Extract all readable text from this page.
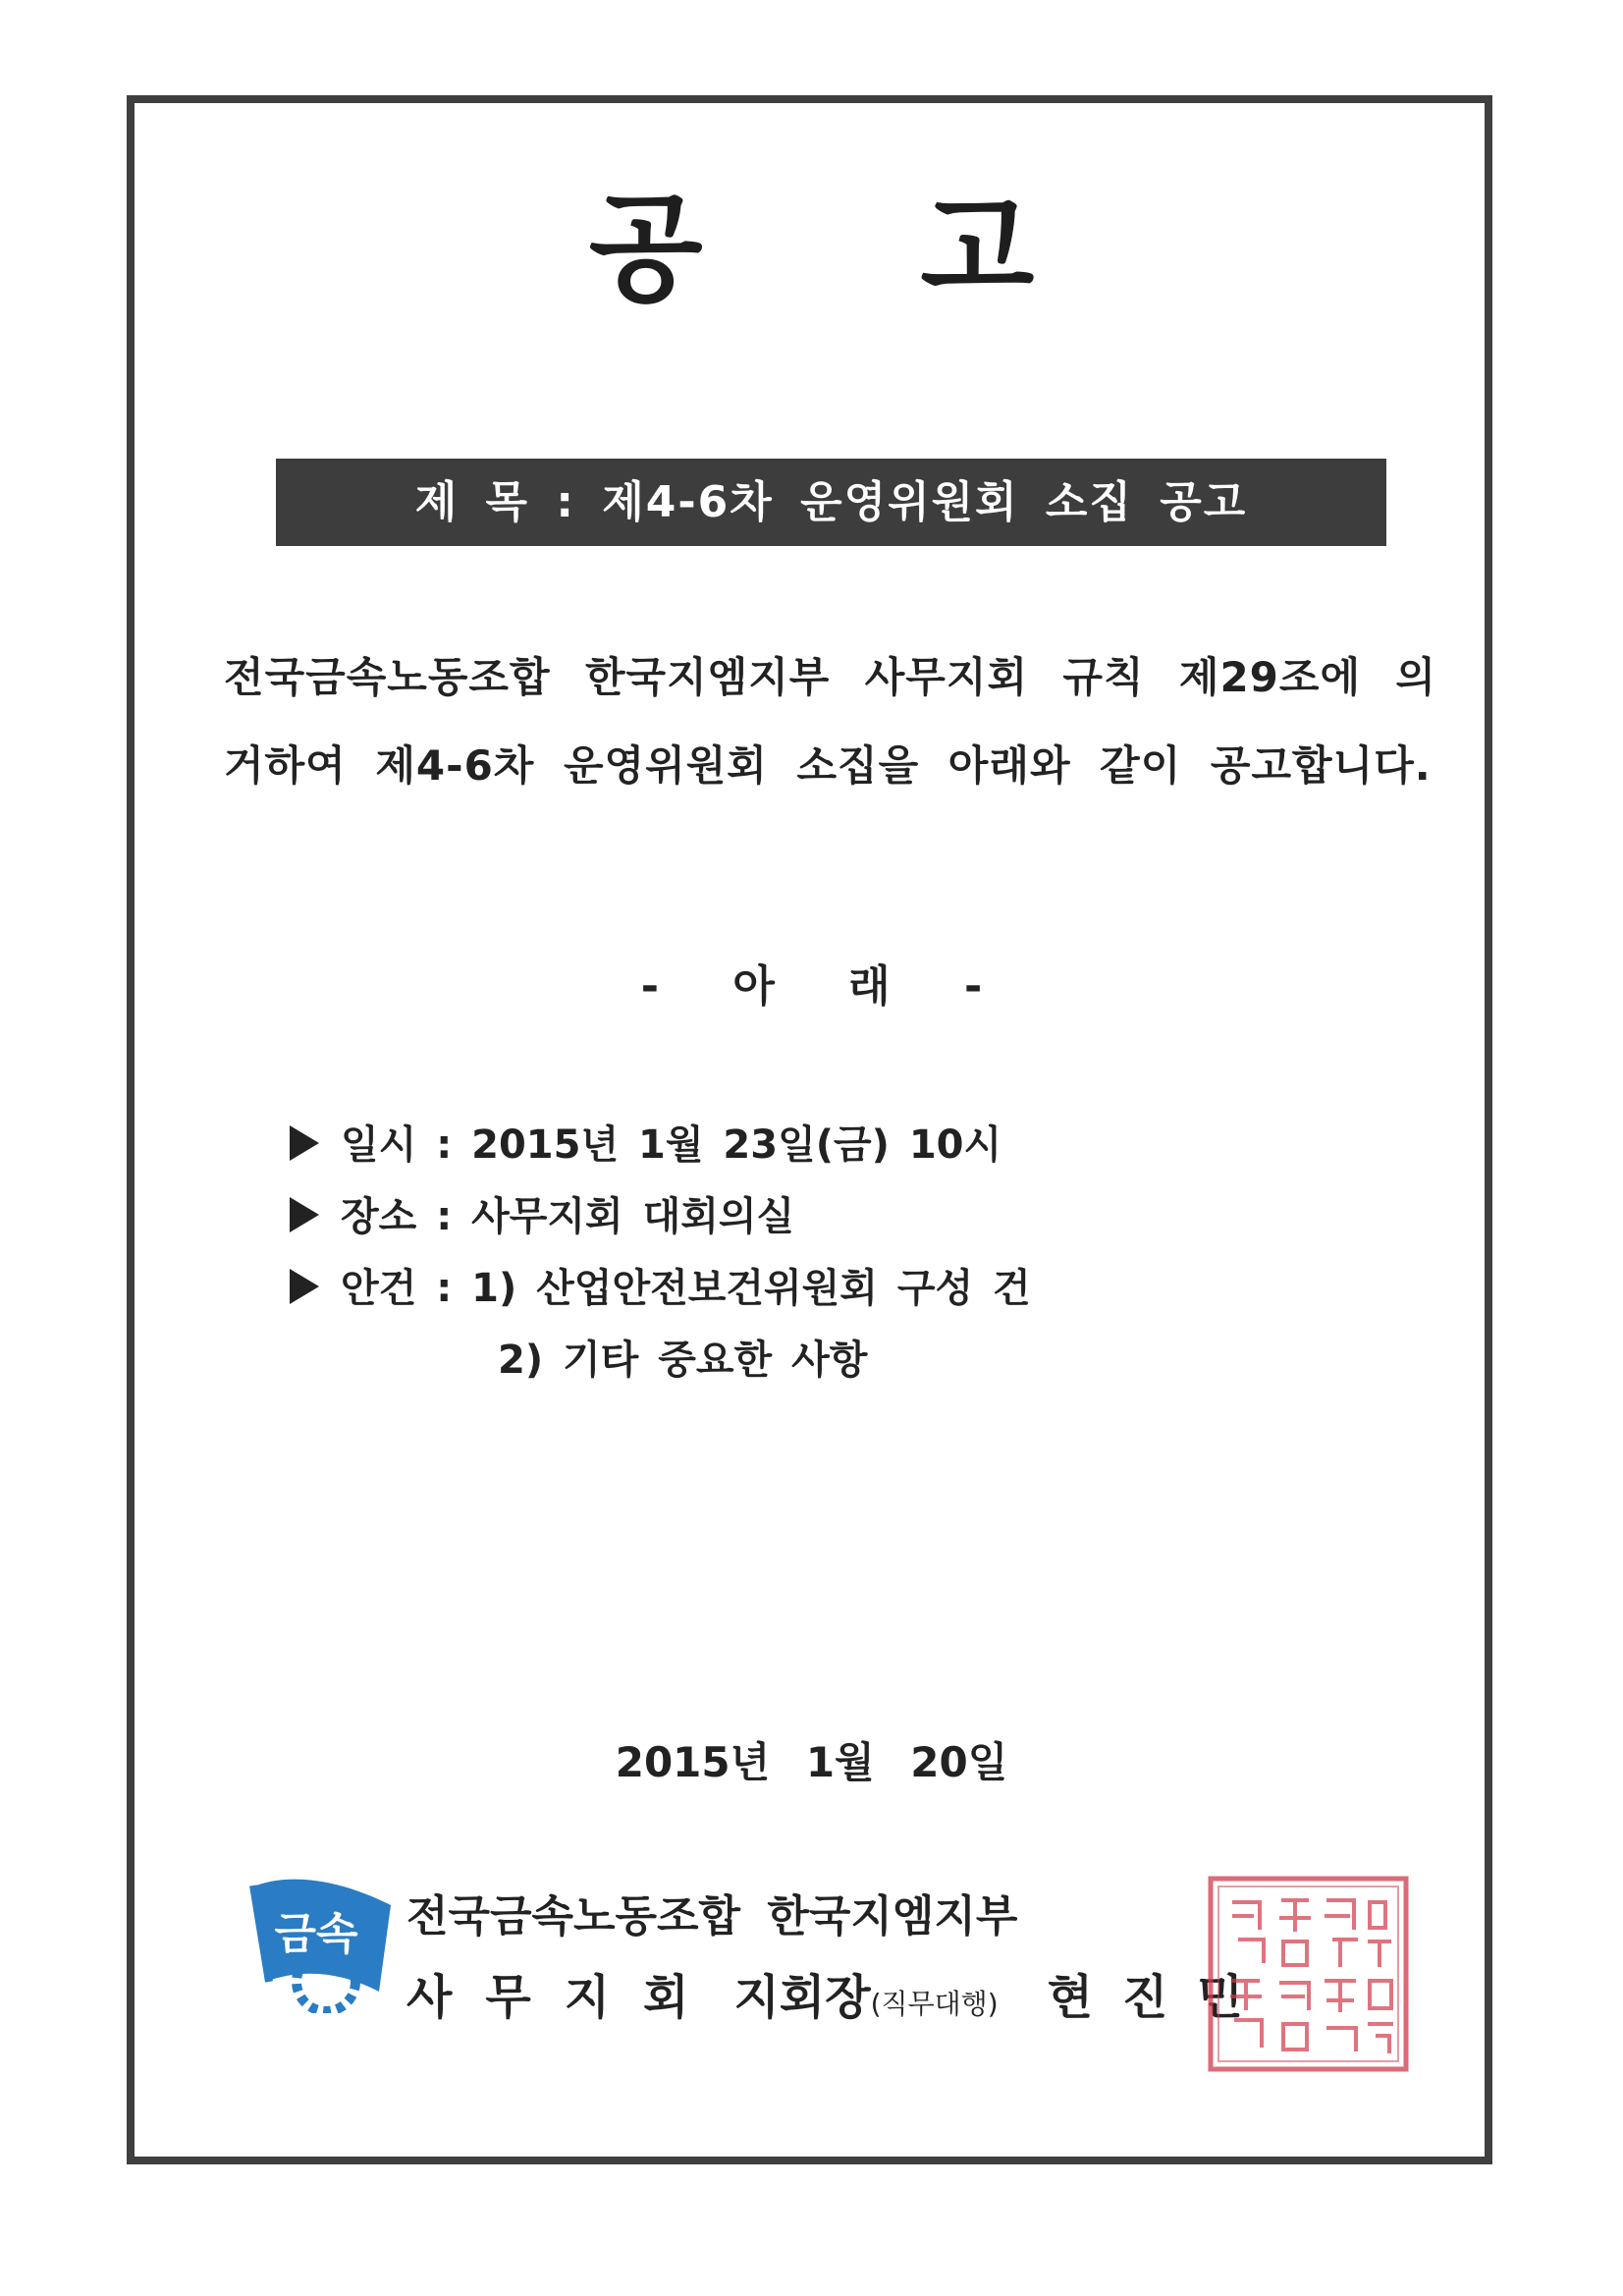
공 고
제 목 : 제4-6차 운영위원회 소집 공고
전국금속노동조합 한국지엠지부 사무지회 규칙 제29조에 의거하여 제4-6차 운영위원회 소집을 아래와 같이 공고합니다.
- 아 래 -
일시 : 2015년 1월 23일(금) 10시
장소 : 사무지회 대회의실
안건 : 1) 산업안전보건위원회 구성 건
2) 기타 중요한 사항
2015년 1월 20일
금속 전국금속노동조합 한국지엠지부
사무지회 지회장(직무대행) 현진민
